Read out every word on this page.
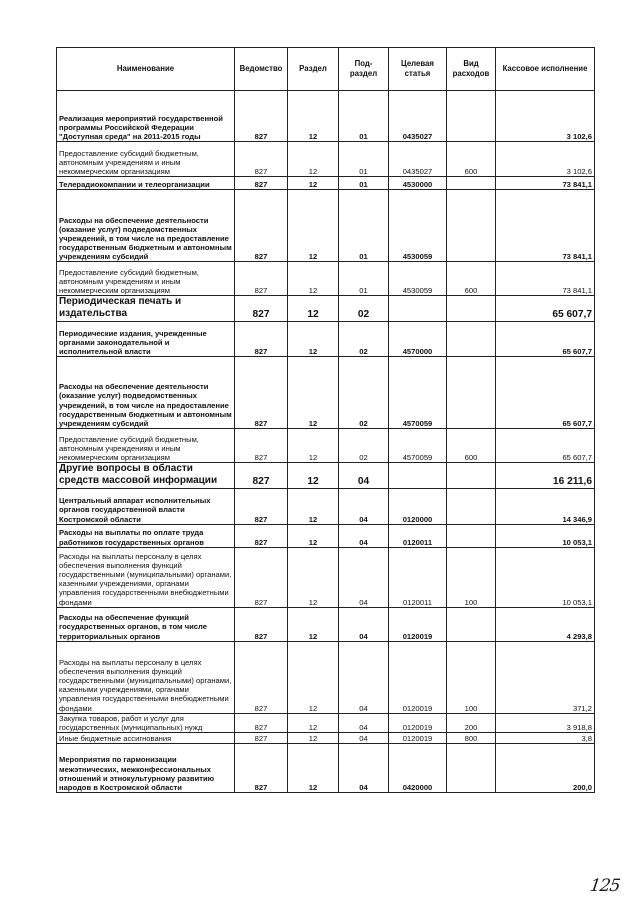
Наименование	Ведомство	Раздел	Под-раздел	Целевая статья	Вид расходов	Кассовое исполнение
Реализация мероприятий государственной программы Российской Федерации "Доступная среда" на 2011-2015 годы	827	12	01	0435027		3 102,6
Предоставление субсидий бюджетным, автономным учреждениям и иным некоммерческим организациям	827	12	01	0435027	600	3 102,6
Телерадиокомпании и телеорганизации	827	12	01	4530000		73 841,1
Расходы на обеспечение деятельности (оказание услуг) подведомственных учреждений, в том числе на предоставление государственным бюджетным и автономным учреждениям субсидий	827	12	01	4530059		73 841,1
Предоставление субсидий бюджетным, автономным учреждениям и иным некоммерческим организациям	827	12	01	4530059	600	73 841,1
Периодическая печать и издательства	827	12	02			65 607,7
Периодические издания, учрежденные органами законодательной и исполнительной власти	827	12	02	4570000		65 607,7
Расходы на обеспечение деятельности (оказание услуг) подведомственных учреждений, в том числе на предоставление государственным бюджетным и автономным учреждениям субсидий	827	12	02	4570059		65 607,7
Предоставление субсидий бюджетным, автономным учреждениям и иным некоммерческим организациям	827	12	02	4570059	600	65 607,7
Другие вопросы в области средств массовой информации	827	12	04			16 211,6
Центральный аппарат исполнительных органов государственной власти Костромской области	827	12	04	0120000		14 346,9
Расходы на выплаты по оплате труда работников государственных органов	827	12	04	0120011		10 053,1
Расходы на выплаты персоналу в целях обеспечения выполнения функций государственными (муниципальными) органами, казенными учреждениями, органами управления государственными внебюджетными фондами	827	12	04	0120011	100	10 053,1
Расходы на обеспечение функций государственных органов, в том числе территориальных органов	827	12	04	0120019		4 293,8
Расходы на выплаты персоналу в целях обеспечения выполнения функций государственными (муниципальными) органами, казенными учреждениями, органами управления государственными внебюджетными фондами	827	12	04	0120019	100	371,2
Закупка товаров, работ и услуг для государственных (муниципальных) нужд	827	12	04	0120019	200	3 918,8
Иные бюджетные ассигнования	827	12	04	0120019	800	3,8
Мероприятия по гармонизации межэтнических, межконфессиональных отношений и этнокультурному развитию народов в Костромской области	827	12	04	0420000		200,0
125
